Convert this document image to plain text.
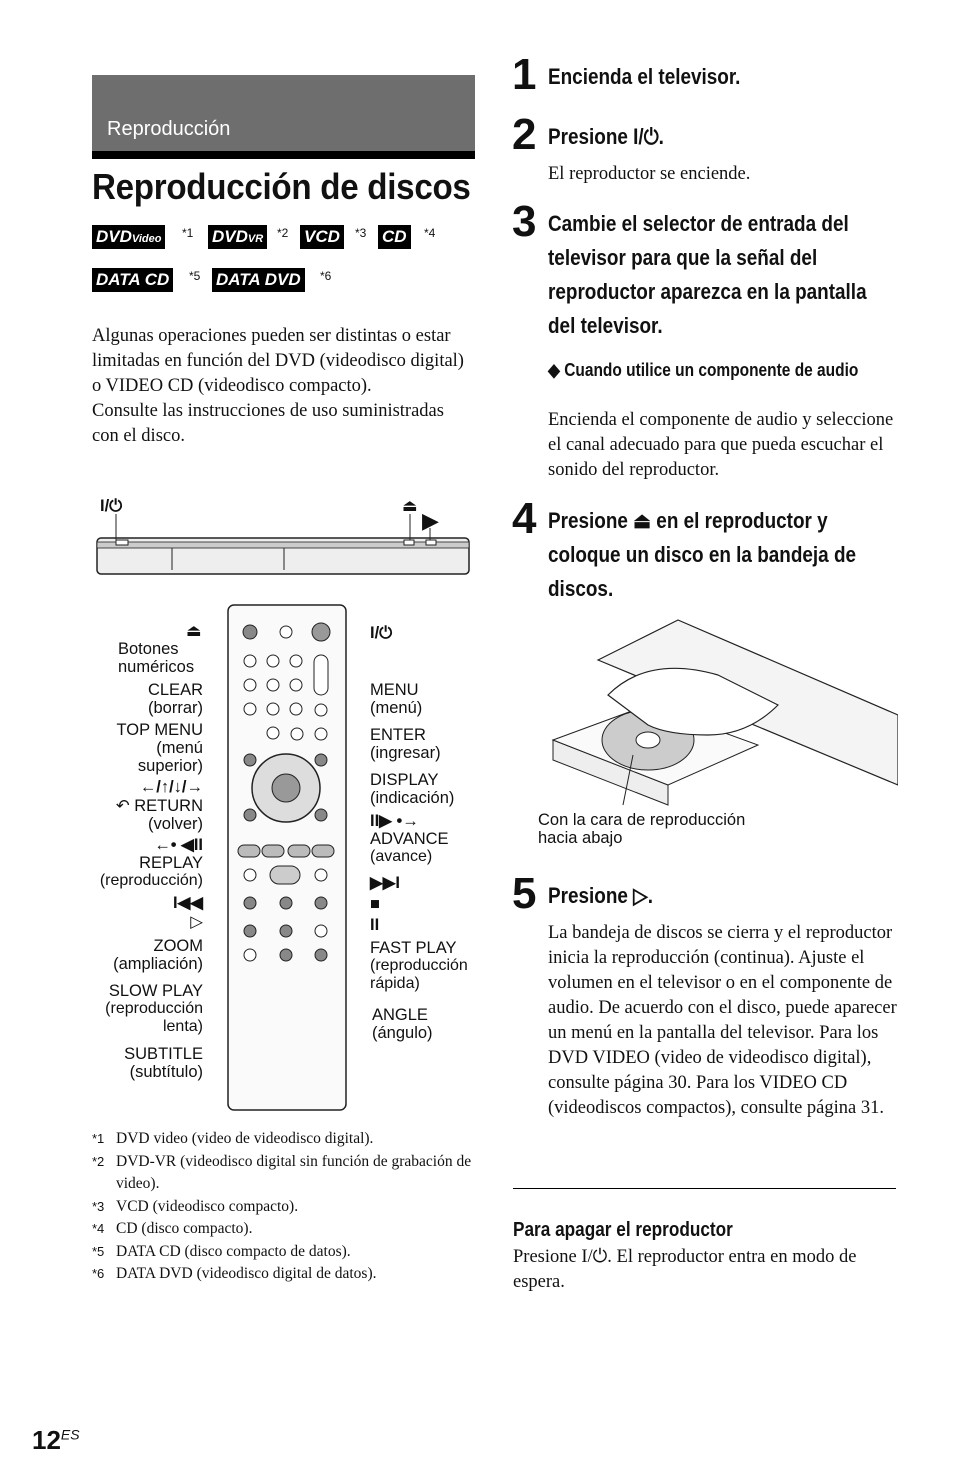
Reproducción
Reproducción de discos
DVDVideo	*1 DVDVR	*2 VCD	*3 CD	*4
DATA CD	*5 DATA DVD	*6

Algunas operaciones pueden ser distintas o estar limitadas en función del DVD (videodisco digital) o VIDEO CD (videodisco compacto).

Consulte las instrucciones de uso suministradas con el disco.

I/⏻	⏏
▶
⏏
Botones
numéricos
CLEAR
(borrar)
TOP MENU
(menú
superior)
←/↑/↓/→
↶ RETURN
(volver)
←• ◀II
REPLAY
(reproducción)
I◀◀
▷
ZOOM
(ampliación)
SLOW PLAY
(reproducción
lenta)
SUBTITLE
(subtítulo)
I/⏻
MENU
(menú)
ENTER
(ingresar)
DISPLAY
(indicación)
II▶ •→
ADVANCE
(avance)
▶▶I
■
II
FAST PLAY
(reproducción
rápida)
ANGLE
(ángulo)
*1 DVD video (video de videodisco digital).
*2 DVD-VR (videodisco digital sin función de grabación de video).
*3 VCD (videodisco compacto).
*4 CD (disco compacto).
*5 DATA CD (disco compacto de datos).
*6 DATA DVD (videodisco digital de datos).
1 Encienda el televisor.
2 Presione I/⏻.
El reproductor se enciende.
3 Cambie el selector de entrada del televisor para que la señal del reproductor aparezca en la pantalla del televisor.
◆ Cuando utilice un componente de audio
Encienda el componente de audio y seleccione el canal adecuado para que pueda escuchar el sonido del reproductor.
4 Presione ⏏ en el reproductor y coloque un disco en la bandeja de discos.
Con la cara de reproducción
hacia abajo
5 Presione ▷.
La bandeja de discos se cierra y el reproductor inicia la reproducción (continua). Ajuste el volumen en el televisor o en el componente de audio. De acuerdo con el disco, puede aparecer un menú en la pantalla del televisor. Para los DVD VIDEO (video de videodisco digital), consulte página 30. Para los VIDEO CD (videodiscos compactos), consulte página 31.
Para apagar el reproductor
Presione I/⏻. El reproductor entra en modo de espera.
$12^{ES}$
